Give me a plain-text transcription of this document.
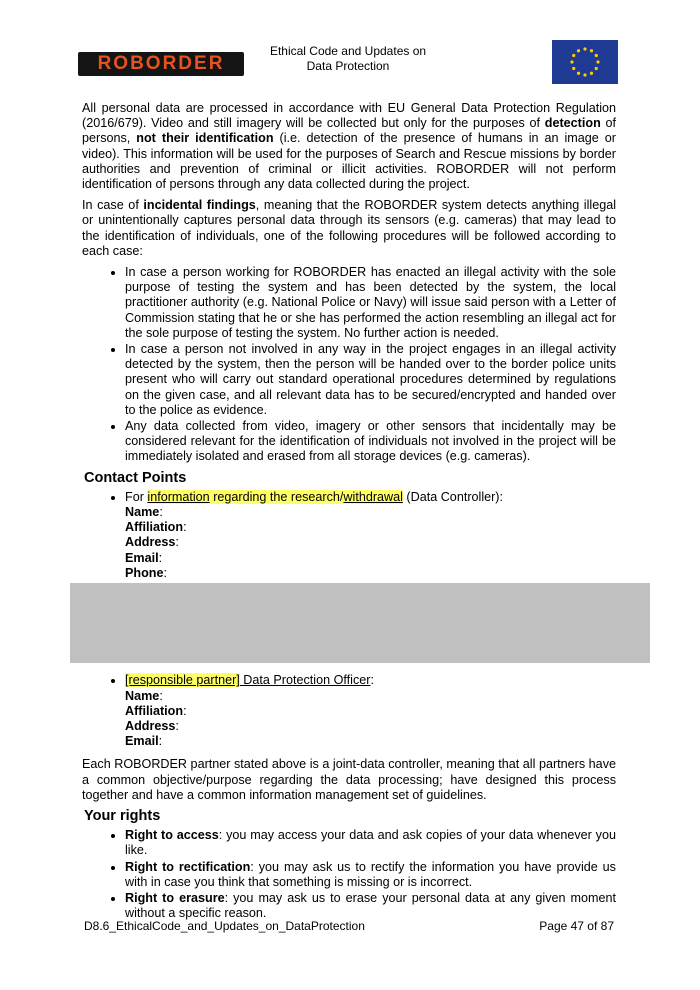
ROBORDER
Ethical Code and Updates on
Data Protection

All personal data are processed in accordance with EU General Data Protection Regulation (2016/679). Video and still imagery will be collected but only for the purposes of detection of persons, not their identification (i.e. detection of the presence of humans in an image or video). This information will be used for the purposes of Search and Rescue missions by border authorities and prevention of criminal or illicit activities. ROBORDER will not perform identification of persons through any data collected during the project.

In case of incidental findings, meaning that the ROBORDER system detects anything illegal or unintentionally captures personal data through its sensors (e.g. cameras) that may lead to the identification of individuals, one of the following procedures will be followed according to each case:

• In case a person working for ROBORDER has enacted an illegal activity with the sole purpose of testing the system and has been detected by the system, the local practitioner authority (e.g. National Police or Navy) will issue said person with a Letter of Commission stating that he or she has performed the action resembling an illegal act for the sole purpose of testing the system. No further action is needed.
• In case a person not involved in any way in the project engages in an illegal activity detected by the system, then the person will be handed over to the border police units present who will carry out standard operational procedures determined by regulations on the given case, and all relevant data has to be secured/encrypted and handed over to the police as evidence.
• Any data collected from video, imagery or other sensors that incidentally may be considered relevant for the identification of individuals not involved in the project will be immediately isolated and erased from all storage devices (e.g. cameras).
Contact Points
• For information regarding the research/withdrawal (Data Controller):
Name:
Affiliation:
Address:
Email:
Phone:
•
• [responsible partner] Data Protection Officer:
Name:
Affiliation:
Address:
Email:

Each ROBORDER partner stated above is a joint-data controller, meaning that all partners have a common objective/purpose regarding the data processing; have designed this process together and have a common information management set of guidelines.

Your rights
• Right to access: you may access your data and ask copies of your data whenever you like.
• Right to rectification: you may ask us to rectify the information you have provide us with in case you think that something is missing or is incorrect.
• Right to erasure: you may ask us to erase your personal data at any given moment without a specific reason.
D8.6_EthicalCode_and_Updates_on_DataProtection	Page 47 of 87
